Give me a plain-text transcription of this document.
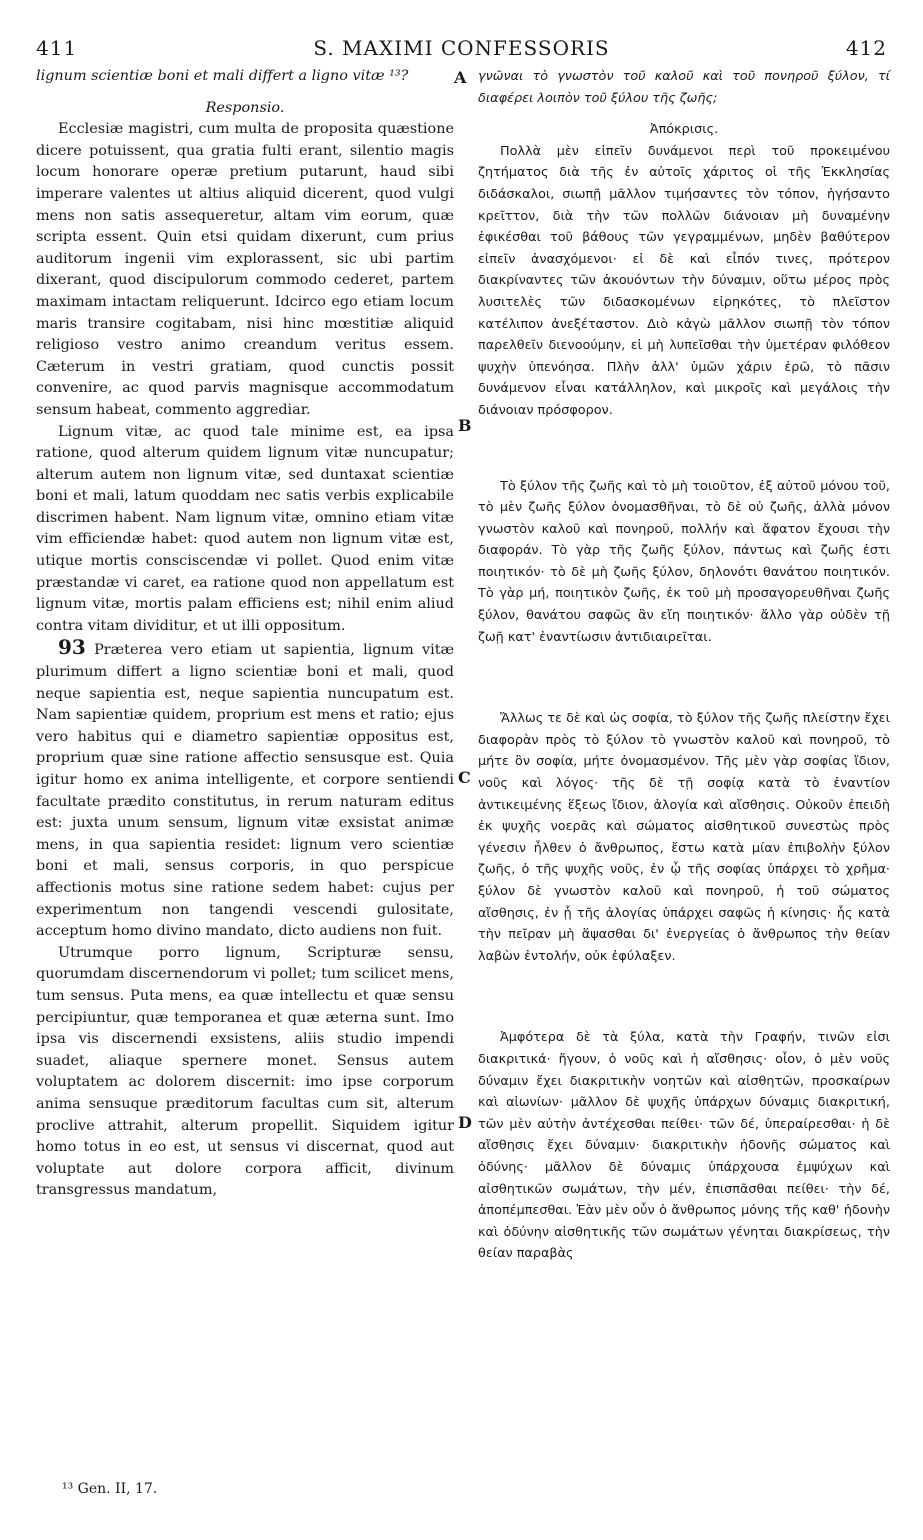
411	S. MAXIMI CONFESSORIS	412

lignum scientiæ boni et mali differt a ligno vitæ ¹³?

Responsio.

Ecclesiæ magistri, cum multa de proposita quæstione dicere potuissent, qua gratia fulti erant, silentio magis locum honorare operæ pretium putarunt, haud sibi imperare valentes ut altius aliquid dicerent, quod vulgi mens non satis assequeretur, altam vim eorum, quæ scripta essent. Quin etsi quidam dixerunt, cum prius auditorum ingenii vim explorassent, sic ubi partim dixerant, quod discipulorum commodo cederet, partem maximam intactam reliquerunt. Idcirco ego etiam locum maris transire cogitabam, nisi hinc mœstitiæ aliquid religioso vestro animo creandum veritus essem. Cæterum in vestri gratiam, quod cunctis possit convenire, ac quod parvis magnisque accommodatum sensum habeat, commento aggrediar.

Lignum vitæ, ac quod tale minime est, ea ipsa ratione, quod alterum quidem lignum vitæ nuncupatur; alterum autem non lignum vitæ, sed duntaxat scientiæ boni et mali, latum quoddam nec satis verbis explicabile discrimen habent. Nam lignum vitæ, omnino etiam vitæ vim efficiendæ habet: quod autem non lignum vitæ est, utique mortis consciscendæ vi pollet. Quod enim vitæ præstandæ vi caret, ea ratione quod non appellatum est lignum vitæ, mortis palam efficiens est; nihil enim aliud contra vitam dividitur, et ut illi oppositum.

93 Præterea vero etiam ut sapientia, lignum vitæ plurimum differt a ligno scientiæ boni et mali, quod neque sapientia est, neque sapientia nuncupatum est. Nam sapientiæ quidem, proprium est mens et ratio; ejus vero habitus qui e diametro sapientiæ oppositus est, proprium quæ sine ratione affectio sensusque est. Quia igitur homo ex anima intelligente, et corpore sentiendi facultate prædito constitutus, in rerum naturam editus est: juxta unum sensum, lignum vitæ exsistat animæ mens, in qua sapientia residet: lignum vero scientiæ boni et mali, sensus corporis, in quo perspicue affectionis motus sine ratione sedem habet: cujus per experimentum non tangendi vescendi gulositate, acceptum homo divino mandato, dicto audiens non fuit.

Utrumque porro lignum, Scripturæ sensu, quorumdam discernendorum vi pollet; tum scilicet mens, tum sensus. Puta mens, ea quæ intellectu et quæ sensu percipiuntur, quæ temporanea et quæ æterna sunt. Imo ipsa vis discernendi exsistens, aliis studio impendi suadet, aliaque spernere monet. Sensus autem voluptatem ac dolorem discernit: imo ipse corporum anima sensuque præditorum facultas cum sit, alterum proclive attrahit, alterum propellit. Siquidem igitur homo totus in eo est, ut sensus vi discernat, quod aut voluptate aut dolore corpora afficit, divinum transgressus mandatum,

A
B
C
D

γνῶναι τὸ γνωστὸν τοῦ καλοῦ καὶ τοῦ πονηροῦ ξύλον, τί διαφέρει λοιπὸν τοῦ ξύλου τῆς ζωῆς;

Ἀπόκρισις.

Πολλὰ μὲν εἰπεῖν δυνάμενοι περὶ τοῦ προκειμένου ζητήματος διὰ τῆς ἐν αὐτοῖς χάριτος οἱ τῆς Ἐκκλησίας διδάσκαλοι, σιωπῇ μᾶλλον τιμήσαντες τὸν τόπον, ἡγήσαντο κρεῖττον, διὰ τὴν τῶν πολλῶν διάνοιαν μὴ δυναμένην ἐφικέσθαι τοῦ βάθους τῶν γεγραμμένων, μηδὲν βαθύτερον εἰπεῖν ἀνασχόμενοι· εἰ δὲ καὶ εἶπόν τινες, πρότερον διακρίναντες τῶν ἀκουόντων τὴν δύναμιν, οὕτω μέρος πρὸς λυσιτελὲς τῶν διδασκομένων εἰρηκότες, τὸ πλεῖστον κατέλιπον ἀνεξέταστον. Διὸ κἀγὼ μᾶλλον σιωπῇ τὸν τόπον παρελθεῖν διενοούμην, εἰ μὴ λυπεῖσθαι τὴν ὑμετέραν φιλόθεον ψυχὴν ὑπενόησα. Πλὴν ἀλλ' ὑμῶν χάριν ἐρῶ, τὸ πᾶσιν δυνάμενον εἶναι κατάλληλον, καὶ μικροῖς καὶ μεγάλοις τὴν διάνοιαν πρόσφορον.

Τὸ ξύλον τῆς ζωῆς καὶ τὸ μὴ τοιοῦτον, ἐξ αὐτοῦ μόνου τοῦ, τὸ μὲν ζωῆς ξύλον ὀνομασθῆναι, τὸ δὲ οὐ ζωῆς, ἀλλὰ μόνον γνωστὸν καλοῦ καὶ πονηροῦ, πολλήν καὶ ἄφατον ἔχουσι τὴν διαφοράν. Τὸ γὰρ τῆς ζωῆς ξύλον, πάντως καὶ ζωῆς ἐστι ποιητικόν· τὸ δὲ μὴ ζωῆς ξύλον, δηλονότι θανάτου ποιητικόν. Τὸ γὰρ μή, ποιητικὸν ζωῆς, ἐκ τοῦ μὴ προσαγορευθῆναι ζωῆς ξύλον, θανάτου σαφῶς ἂν εἴη ποιητικόν· ἄλλο γὰρ οὐδὲν τῇ ζωῇ κατ' ἐναντίωσιν ἀντιδιαιρεῖται.

Ἄλλως τε δὲ καὶ ὡς σοφία, τὸ ξύλον τῆς ζωῆς πλείστην ἔχει διαφορὰν πρὸς τὸ ξύλον τὸ γνωστὸν καλοῦ καὶ πονηροῦ, τὸ μήτε ὂν σοφία, μήτε ὀνομασμένον. Τῆς μὲν γὰρ σοφίας ἴδιον, νοῦς καὶ λόγος· τῆς δὲ τῇ σοφίᾳ κατὰ τὸ ἐναντίον ἀντικειμένης ἕξεως ἴδιον, ἀλογία καὶ αἴσθησις. Οὐκοῦν ἐπειδὴ ἐκ ψυχῆς νοερᾶς καὶ σώματος αἰσθητικοῦ συνεστὼς πρὸς γένεσιν ἦλθεν ὁ ἄνθρωπος, ἔστω κατὰ μίαν ἐπιβολὴν ξύλον ζωῆς, ὁ τῆς ψυχῆς νοῦς, ἐν ᾧ τῆς σοφίας ὑπάρχει τὸ χρῆμα· ξύλον δὲ γνωστὸν καλοῦ καὶ πονηροῦ, ἡ τοῦ σώματος αἴσθησις, ἐν ᾗ τῆς ἀλογίας ὑπάρχει σαφῶς ἡ κίνησις· ἧς κατὰ τὴν πεῖραν μὴ ἅψασθαι δι' ἐνεργείας ὁ ἄνθρωπος τὴν θείαν λαβὼν ἐντολήν, οὐκ ἐφύλαξεν.

Ἀμφότερα δὲ τὰ ξύλα, κατὰ τὴν Γραφήν, τινῶν εἰσι διακριτικά· ἤγουν, ὁ νοῦς καὶ ἡ αἴσθησις· οἷον, ὁ μὲν νοῦς δύναμιν ἔχει διακριτικὴν νοητῶν καὶ αἰσθητῶν, προσκαίρων καὶ αἰωνίων· μᾶλλον δὲ ψυχῆς ὑπάρχων δύναμις διακριτική, τῶν μὲν αὐτὴν ἀντέχεσθαι πείθει· τῶν δέ, ὑπεραίρεσθαι· ἡ δὲ αἴσθησις ἔχει δύναμιν· διακριτικὴν ἡδονῆς σώματος καὶ ὀδύνης· μᾶλλον δὲ δύναμις ὑπάρχουσα ἐμψύχων καὶ αἰσθητικῶν σωμάτων, τὴν μέν, ἐπισπᾶσθαι πείθει· τὴν δέ, ἀποπέμπεσθαι. Ἐὰν μὲν οὖν ὁ ἄνθρωπος μόνης τῆς καθ' ἡδονὴν καὶ ὀδύνην αἰσθητικῆς τῶν σωμάτων γένηται διακρίσεως, τὴν θείαν παραβὰς

¹³ Gen. II, 17.
